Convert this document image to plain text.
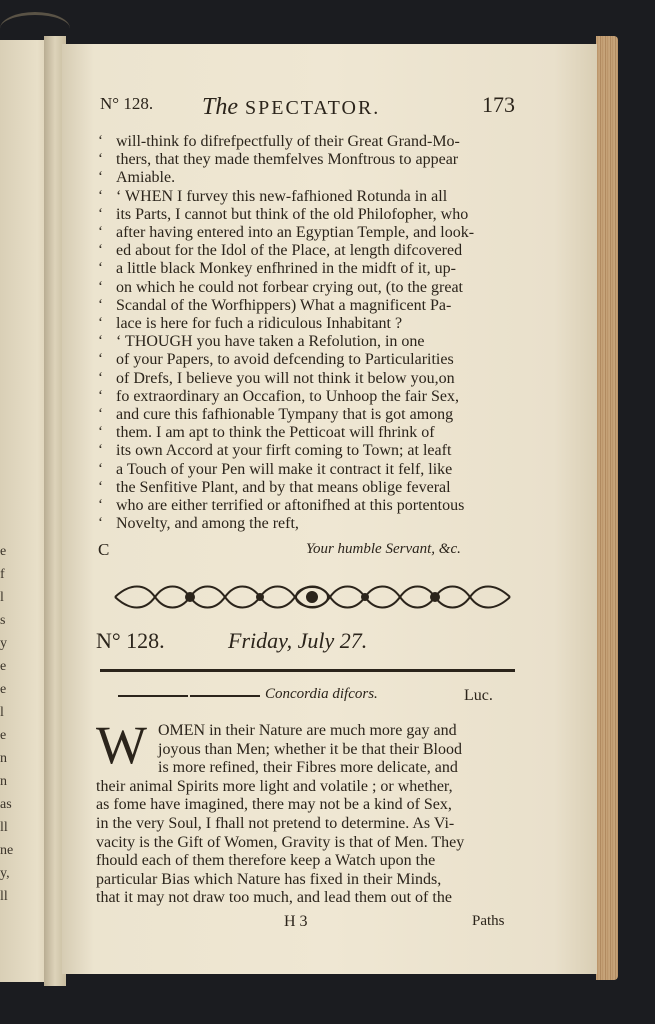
e
f
l
s
y
e
e
l
e
n
n
as
ll
ne
y,
ll
N° 128. The SPECTATOR.	173
will-think fo difrefpectfully of their Great Grand-Mo-
thers, that they made themfelves Monftrous to appear
Amiable.
‘ WHEN I furvey this new-fafhioned Rotunda in all
its Parts, I cannot but think of the old Philofopher, who
after having entered into an Egyptian Temple, and look-
ed about for the Idol of the Place, at length difcovered
a little black Monkey enfhrined in the midft of it, up-
on which he could not forbear crying out, (to the great
Scandal of the Worfhippers) What a magnificent Pa-
lace is here for fuch a ridiculous Inhabitant ?
‘ THOUGH you have taken a Refolution, in one
of your Papers, to avoid defcending to Particularities
of Drefs, I believe you will not think it below you,on
fo extraordinary an Occafion, to Unhoop the fair Sex,
and cure this fafhionable Tympany that is got among
them. I am apt to think the Petticoat will fhrink of
its own Accord at your firft coming to Town; at leaft
a Touch of your Pen will make it contract it felf, like
the Senfitive Plant, and by that means oblige feveral
who are either terrified or aftonifhed at this portentous
Novelty, and among the reft,
C	Your humble Servant, &c.
N° 128.	Friday, July 27.
Concordia difcors.	Luc.
W OMEN in their Nature are much more gay and
joyous than Men; whether it be that their Blood
is more refined, their Fibres more delicate, and
their animal Spirits more light and volatile ; or whether,
as fome have imagined, there may not be a kind of Sex,
in the very Soul, I fhall not pretend to determine. As Vi-
vacity is the Gift of Women, Gravity is that of Men. They
fhould each of them therefore keep a Watch upon the
particular Bias which Nature has fixed in their Minds,
that it may not draw too much, and lead them out of the
H 3	Paths
‘
‘
‘
‘
‘
‘
‘
‘
‘
‘
‘
‘
‘
‘
‘
‘
‘
‘
‘
‘
‘
‘
